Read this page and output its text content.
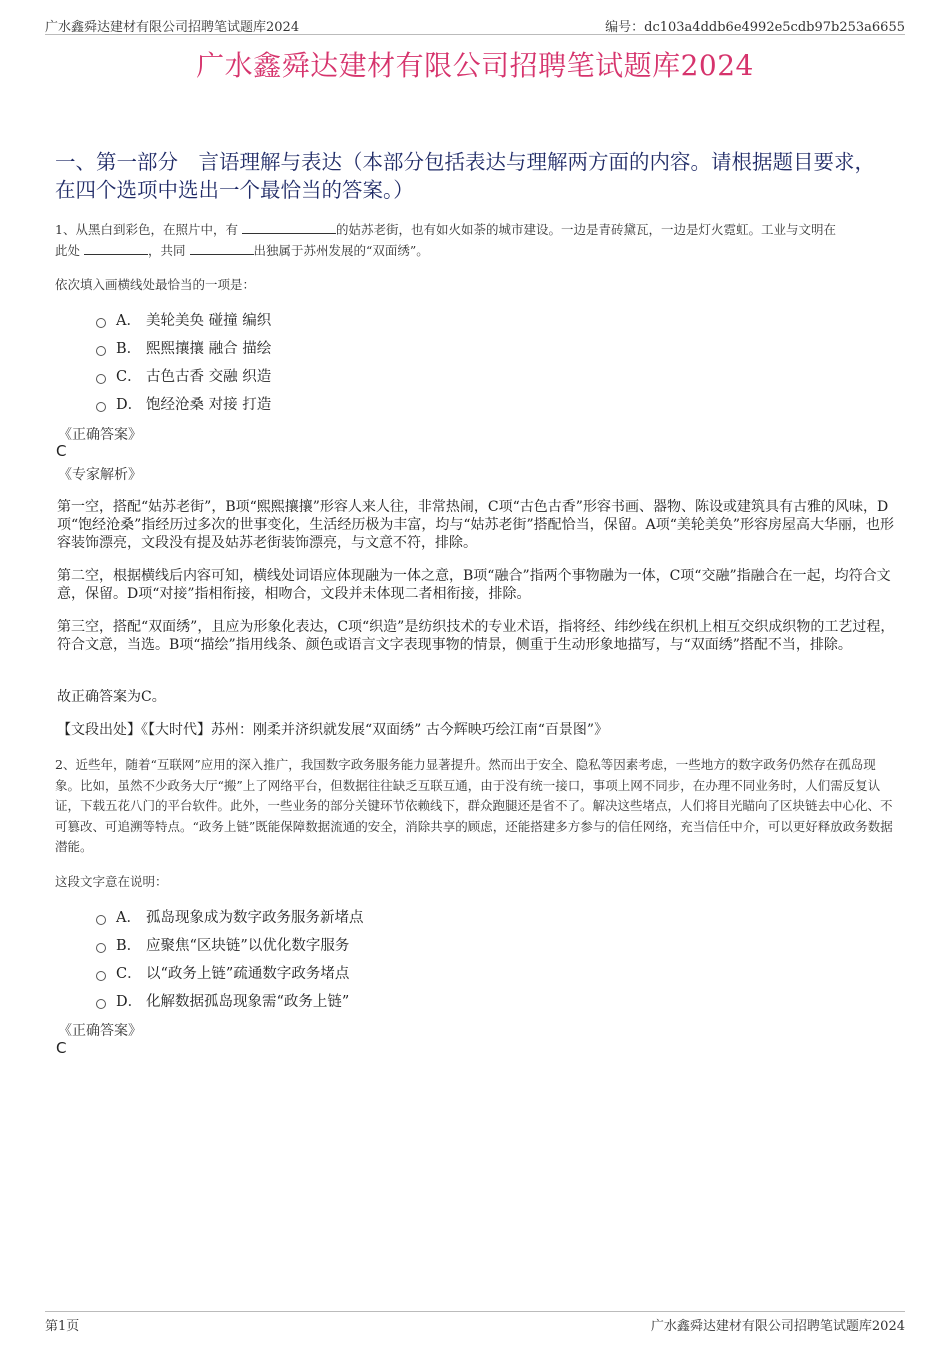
广水鑫舜达建材有限公司招聘笔试题库2024	编号：dc103a4ddb6e4992e5cdb97b253a6655
广水鑫舜达建材有限公司招聘笔试题库2024
一、第一部分　言语理解与表达（本部分包括表达与理解两方面的内容。请根据题目要求，在四个选项中选出一个最恰当的答案。）
1、从黑白到彩色，在照片中，有	的姑苏老街，也有如火如荼的城市建设。一边是青砖黛瓦，一边是灯火霓虹。工业与文明在
此处	，共同	出独属于苏州发展的“双面绣”。
依次填入画横线处最恰当的一项是：
A． 美轮美奂 碰撞 编织
B． 熙熙攘攘 融合 描绘
C． 古色古香 交融 织造
D． 饱经沧桑 对接 打造
《正确答案》
C
《专家解析》
第一空，搭配“姑苏老街”，B项“熙熙攘攘”形容人来人往，非常热闹，C项“古色古香”形容书画、器物、陈设或建筑具有古雅的风味，D项“饱经沧桑”指经历过多次的世事变化，生活经历极为丰富，均与“姑苏老街”搭配恰当，保留。A项“美轮美奂”形容房屋高大华丽，也形容装饰漂亮，文段没有提及姑苏老街装饰漂亮，与文意不符，排除。
第二空，根据横线后内容可知，横线处词语应体现融为一体之意，B项“融合”指两个事物融为一体，C项“交融”指融合在一起，均符合文意，保留。D项“对接”指相衔接，相吻合，文段并未体现二者相衔接，排除。
第三空，搭配“双面绣”，且应为形象化表达，C项“织造”是纺织技术的专业术语，指将经、纬纱线在织机上相互交织成织物的工艺过程，符合文意，当选。B项“描绘”指用线条、颜色或语言文字表现事物的情景，侧重于生动形象地描写，与“双面绣”搭配不当，排除。
故正确答案为C。
【文段出处】《【大时代】苏州：刚柔并济织就发展“双面绣” 古今辉映巧绘江南“百景图”》
2、近些年，随着“互联网”应用的深入推广，我国数字政务服务能力显著提升。然而出于安全、隐私等因素考虑，一些地方的数字政务仍然存在孤岛现象。比如，虽然不少政务大厅“搬”上了网络平台，但数据往往缺乏互联互通，由于没有统一接口，事项上网不同步，在办理不同业务时，人们需反复认证，下载五花八门的平台软件。此外，一些业务的部分关键环节依赖线下，群众跑腿还是省不了。解决这些堵点，人们将目光瞄向了区块链去中心化、不可篡改、可追溯等特点。“政务上链”既能保障数据流通的安全，消除共享的顾虑，还能搭建多方参与的信任网络，充当信任中介，可以更好释放政务数据潜能。
这段文字意在说明：
A． 孤岛现象成为数字政务服务新堵点
B． 应聚焦“区块链”以优化数字服务
C． 以“政务上链”疏通数字政务堵点
D． 化解数据孤岛现象需“政务上链”
《正确答案》
C
第1页	广水鑫舜达建材有限公司招聘笔试题库2024
